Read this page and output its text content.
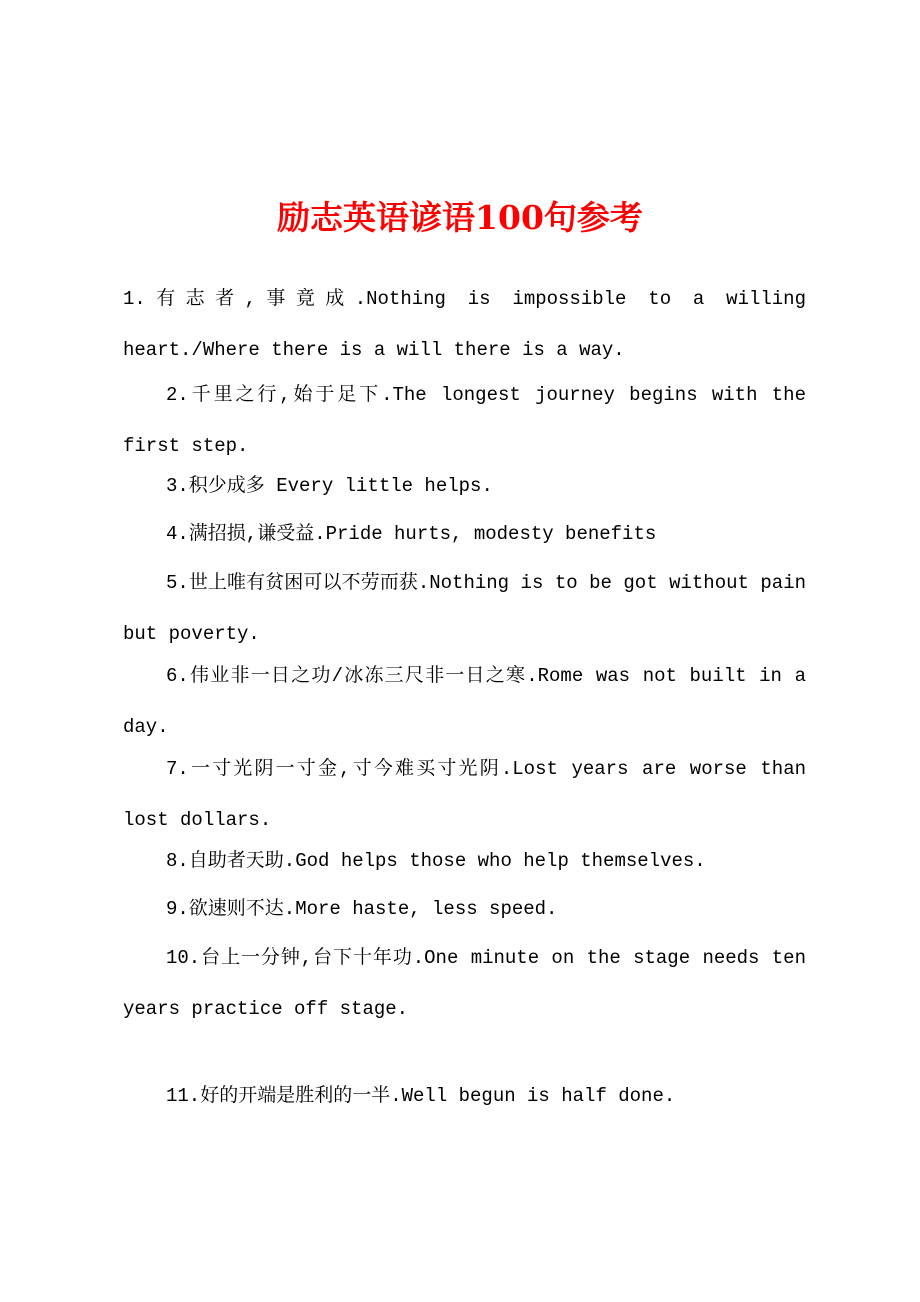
励志英语谚语100句参考

1.有志者,事竟成.Nothing is impossible to a willing heart./Where there is a will there is a way.

2.千里之行,始于足下.The longest journey begins with the first step.

3.积少成多 Every little helps.

4.满招损,谦受益.Pride hurts, modesty benefits

5.世上唯有贫困可以不劳而获.Nothing is to be got without pain but poverty.

6.伟业非一日之功/冰冻三尺非一日之寒.Rome was not built in a day.

7.一寸光阴一寸金,寸今难买寸光阴.Lost years are worse than lost dollars.

8.自助者天助.God helps those who help themselves.

9.欲速则不达.More haste, less speed.

10.台上一分钟,台下十年功.One minute on the stage needs ten years practice off stage.

11.好的开端是胜利的一半.Well begun is half done.
